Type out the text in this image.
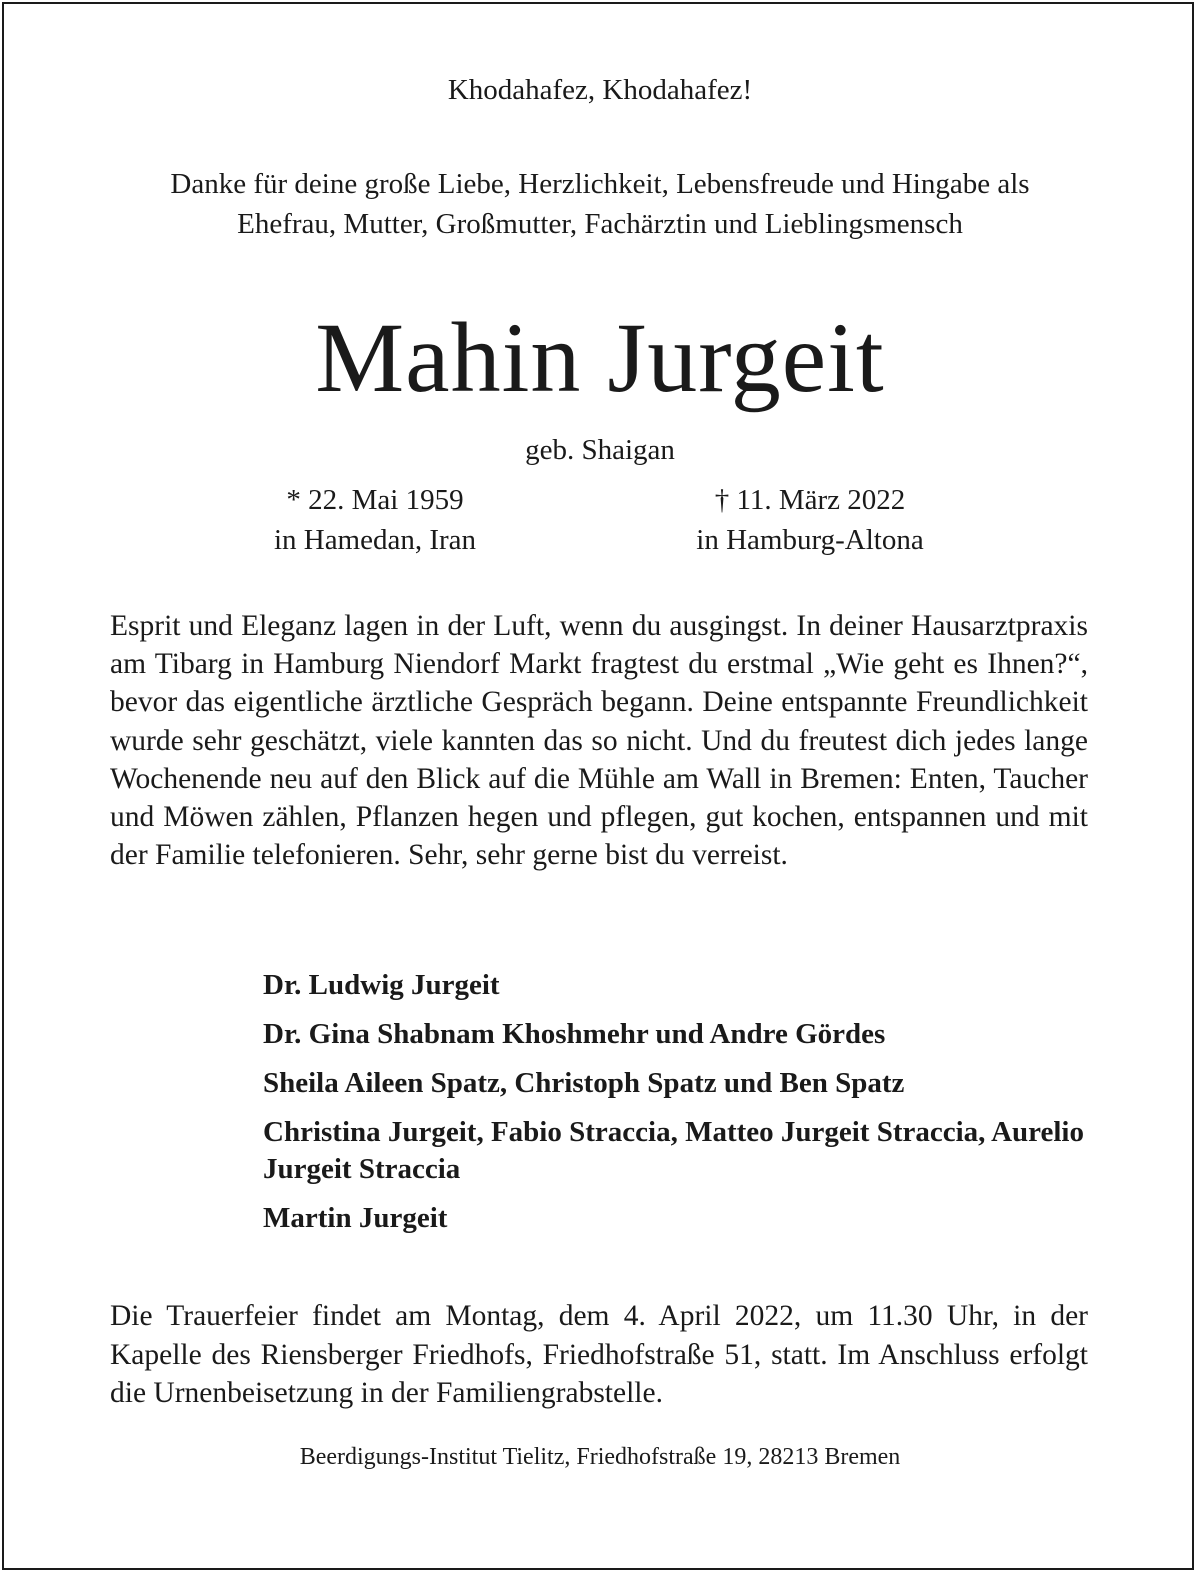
Khodahafez, Khodahafez!

Danke für deine große Liebe, Herzlichkeit, Lebensfreude und Hingabe als
Ehefrau, Mutter, Großmutter, Fachärztin und Lieblingsmensch
Mahin Jurgeit

geb. Shaigan

* 22. Mai 1959
in Hamedan, Iran
† 11. März 2022
in Hamburg-Altona

Esprit und Eleganz lagen in der Luft, wenn du ausgingst. In deiner Hausarztpraxis am Tibarg in Hamburg Niendorf Markt fragtest du erstmal „Wie geht es Ihnen?“, bevor das eigentliche ärztliche Gespräch begann. Deine entspannte Freundlichkeit wurde sehr geschätzt, viele kannten das so nicht. Und du freutest dich jedes lange Wochenende neu auf den Blick auf die Mühle am Wall in Bremen: Enten, Taucher und Möwen zählen, Pflanzen hegen und pflegen, gut kochen, entspannen und mit der Familie telefonieren. Sehr, sehr gerne bist du verreist.

Dr. Ludwig Jurgeit
Dr. Gina Shabnam Khoshmehr und Andre Gördes
Sheila Aileen Spatz, Christoph Spatz und Ben Spatz
Christina Jurgeit, Fabio Straccia, Matteo Jurgeit Straccia, Aurelio Jurgeit Straccia
Martin Jurgeit

Die Trauerfeier findet am Montag, dem 4. April 2022, um 11.30 Uhr, in der Kapelle des Riensberger Friedhofs, Friedhofstraße 51, statt. Im Anschluss erfolgt die Urnenbeisetzung in der Familiengrabstelle.

Beerdigungs-Institut Tielitz, Friedhofstraße 19, 28213 Bremen
